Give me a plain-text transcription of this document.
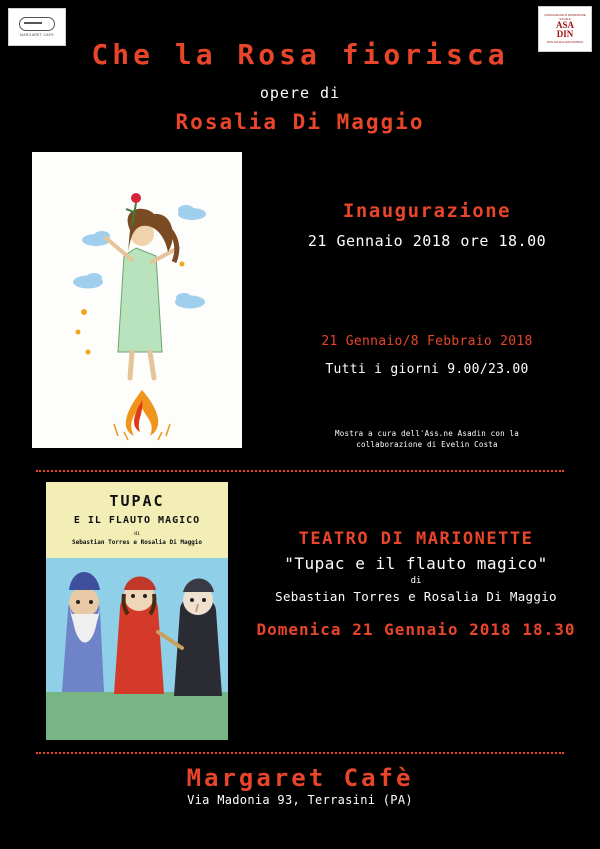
MARGARET CAFE
ASSOCIAZIONE DI PROMOZIONE SOCIALE
ASA
DIN
ARTE SOCIALE ARTE DINAMICA
Che la Rosa fiorisca
opere di
Rosalia Di Maggio
Inaugurazione
21 Gennaio 2018 ore 18.00
21 Gennaio/8 Febbraio 2018
Tutti i giorni 9.00/23.00
Mostra a cura dell'Ass.ne Asadin con la
collaborazione di Evelin Costa
TUPAC
E IL FLAUTO MAGICO
di
Sebastian Torres e Rosalia Di Maggio	TEATRO DI MARIONETTE
"Tupac e il flauto magico"
di
Sebastian Torres e Rosalia Di Maggio
Domenica 21 Gennaio 2018 18.30
Margaret Cafè
Via Madonia 93, Terrasini (PA)
